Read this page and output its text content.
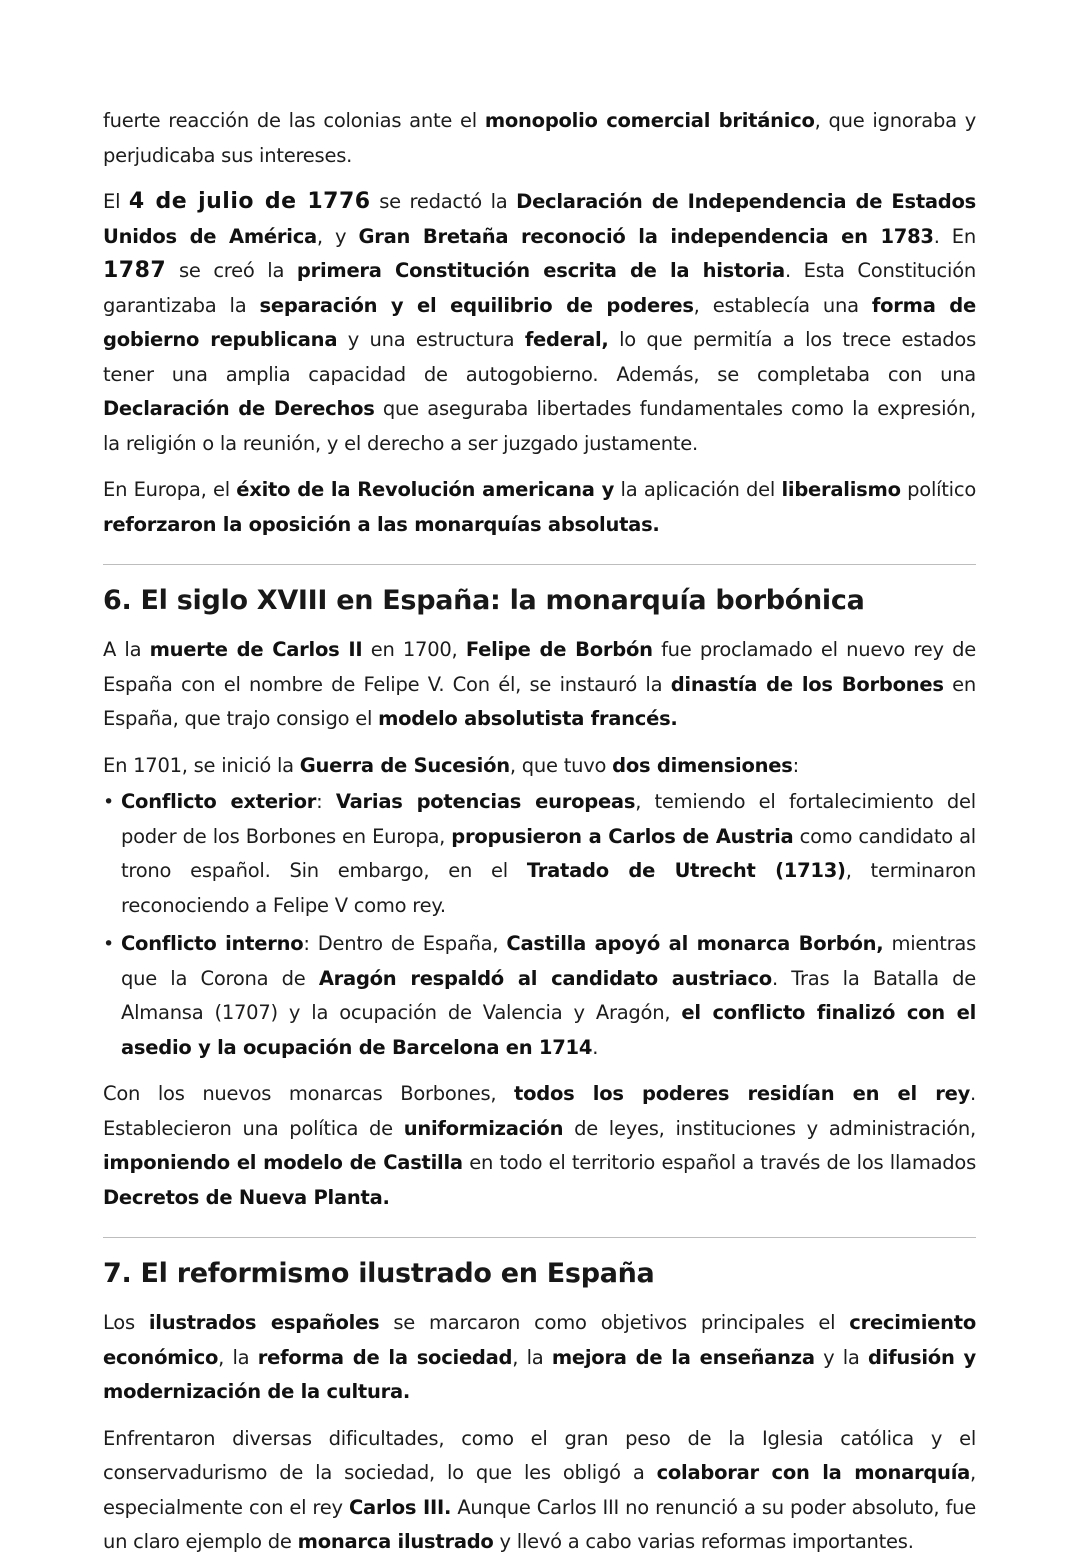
fuerte reacción de las colonias ante el monopolio comercial británico, que ignoraba y perjudicaba sus intereses.

El 4 de julio de 1776 se redactó la Declaración de Independencia de Estados Unidos de América, y Gran Bretaña reconoció la independencia en 1783. En 1787 se creó la primera Constitución escrita de la historia. Esta Constitución garantizaba la separación y el equilibrio de poderes, establecía una forma de gobierno republicana y una estructura federal, lo que permitía a los trece estados tener una amplia capacidad de autogobierno. Además, se completaba con una Declaración de Derechos que aseguraba libertades fundamentales como la expresión, la religión o la reunión, y el derecho a ser juzgado justamente.

En Europa, el éxito de la Revolución americana y la aplicación del liberalismo político reforzaron la oposición a las monarquías absolutas.

6. El siglo XVIII en España: la monarquía borbónica

A la muerte de Carlos II en 1700, Felipe de Borbón fue proclamado el nuevo rey de España con el nombre de Felipe V. Con él, se instauró la dinastía de los Borbones en España, que trajo consigo el modelo absolutista francés.

En 1701, se inició la Guerra de Sucesión, que tuvo dos dimensiones:

• Conflicto exterior: Varias potencias europeas, temiendo el fortalecimiento del poder de los Borbones en Europa, propusieron a Carlos de Austria como candidato al trono español. Sin embargo, en el Tratado de Utrecht (1713), terminaron reconociendo a Felipe V como rey.
• Conflicto interno: Dentro de España, Castilla apoyó al monarca Borbón, mientras que la Corona de Aragón respaldó al candidato austriaco. Tras la Batalla de Almansa (1707) y la ocupación de Valencia y Aragón, el conflicto finalizó con el asedio y la ocupación de Barcelona en 1714.

Con los nuevos monarcas Borbones, todos los poderes residían en el rey. Establecieron una política de uniformización de leyes, instituciones y administración, imponiendo el modelo de Castilla en todo el territorio español a través de los llamados Decretos de Nueva Planta.

7. El reformismo ilustrado en España

Los ilustrados españoles se marcaron como objetivos principales el crecimiento económico, la reforma de la sociedad, la mejora de la enseñanza y la difusión y modernización de la cultura.

Enfrentaron diversas dificultades, como el gran peso de la Iglesia católica y el conservadurismo de la sociedad, lo que les obligó a colaborar con la monarquía, especialmente con el rey Carlos III. Aunque Carlos III no renunció a su poder absoluto, fue un claro ejemplo de monarca ilustrado y llevó a cabo varias reformas importantes.
